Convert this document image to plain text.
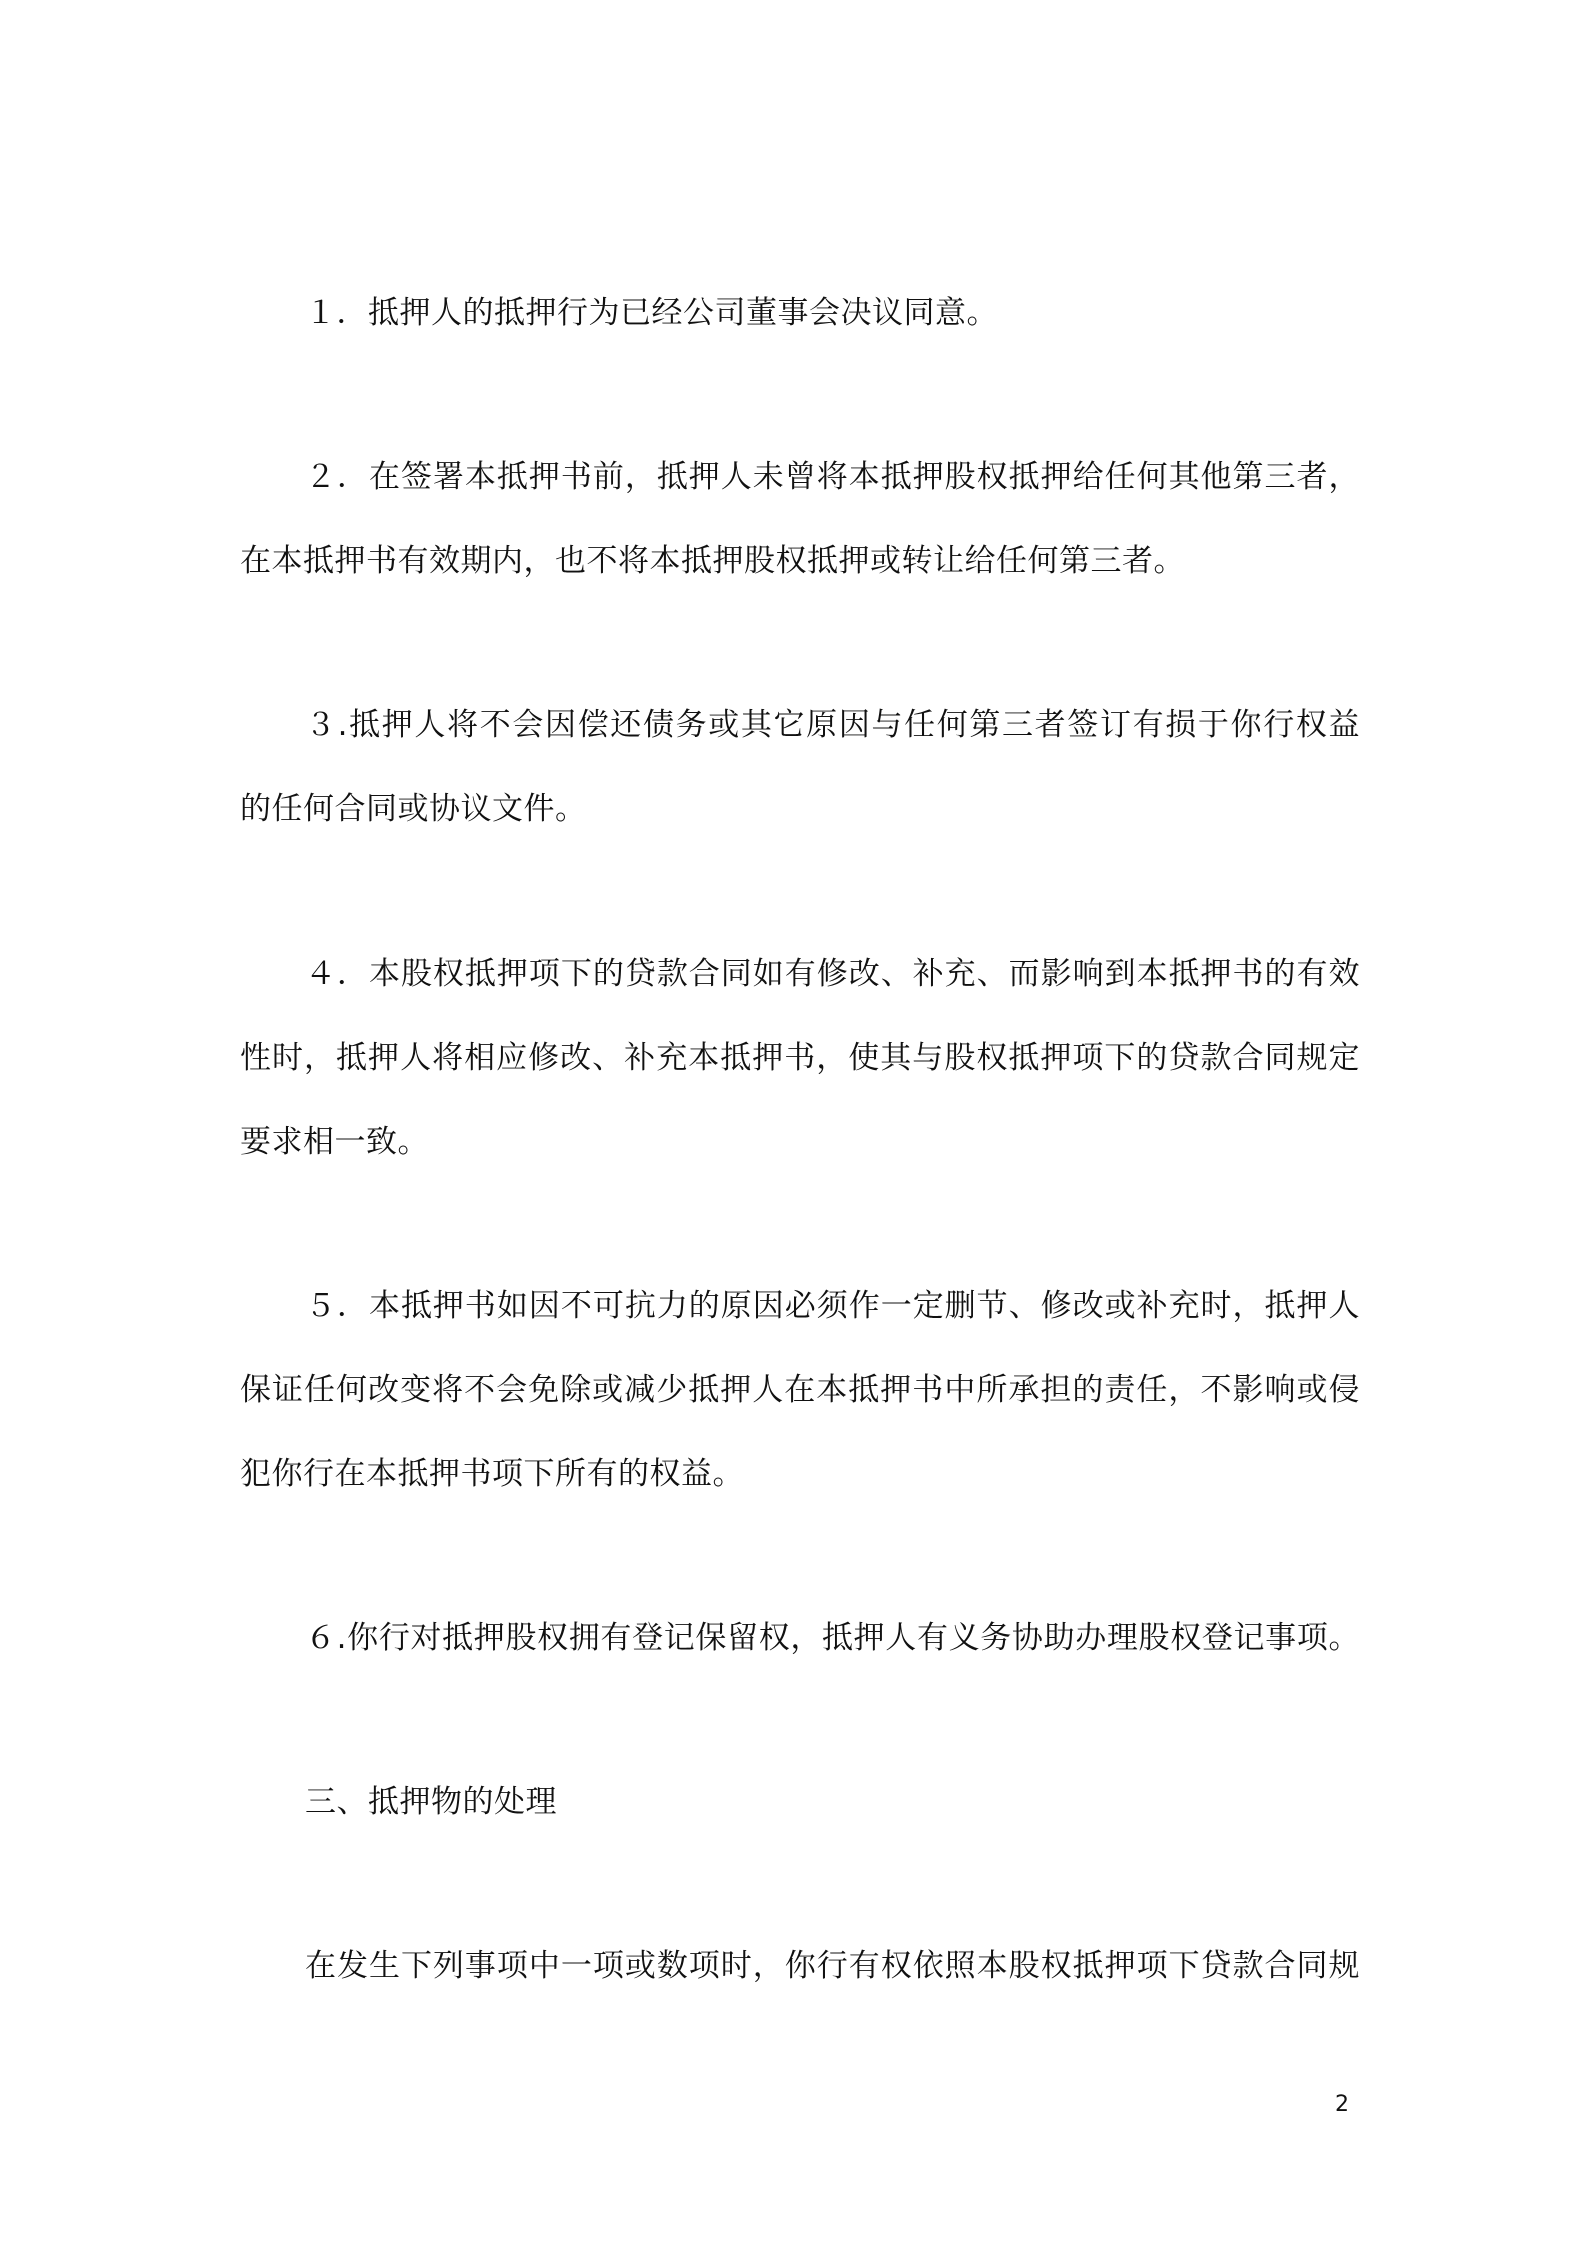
１．抵押人的抵押行为已经公司董事会决议同意。
２．在签署本抵押书前，抵押人未曾将本抵押股权抵押给任何其他第三者，
在本抵押书有效期内，也不将本抵押股权抵押或转让给任何第三者。
３.抵押人将不会因偿还债务或其它原因与任何第三者签订有损于你行权益
的任何合同或协议文件。
４．本股权抵押项下的贷款合同如有修改、补充、而影响到本抵押书的有效
性时，抵押人将相应修改、补充本抵押书，使其与股权抵押项下的贷款合同规定
要求相一致。
５．本抵押书如因不可抗力的原因必须作一定删节、修改或补充时，抵押人
保证任何改变将不会免除或减少抵押人在本抵押书中所承担的责任，不影响或侵
犯你行在本抵押书项下所有的权益。
６.你行对抵押股权拥有登记保留权，抵押人有义务协助办理股权登记事项。
三、抵押物的处理
在发生下列事项中一项或数项时，你行有权依照本股权抵押项下贷款合同规
2
